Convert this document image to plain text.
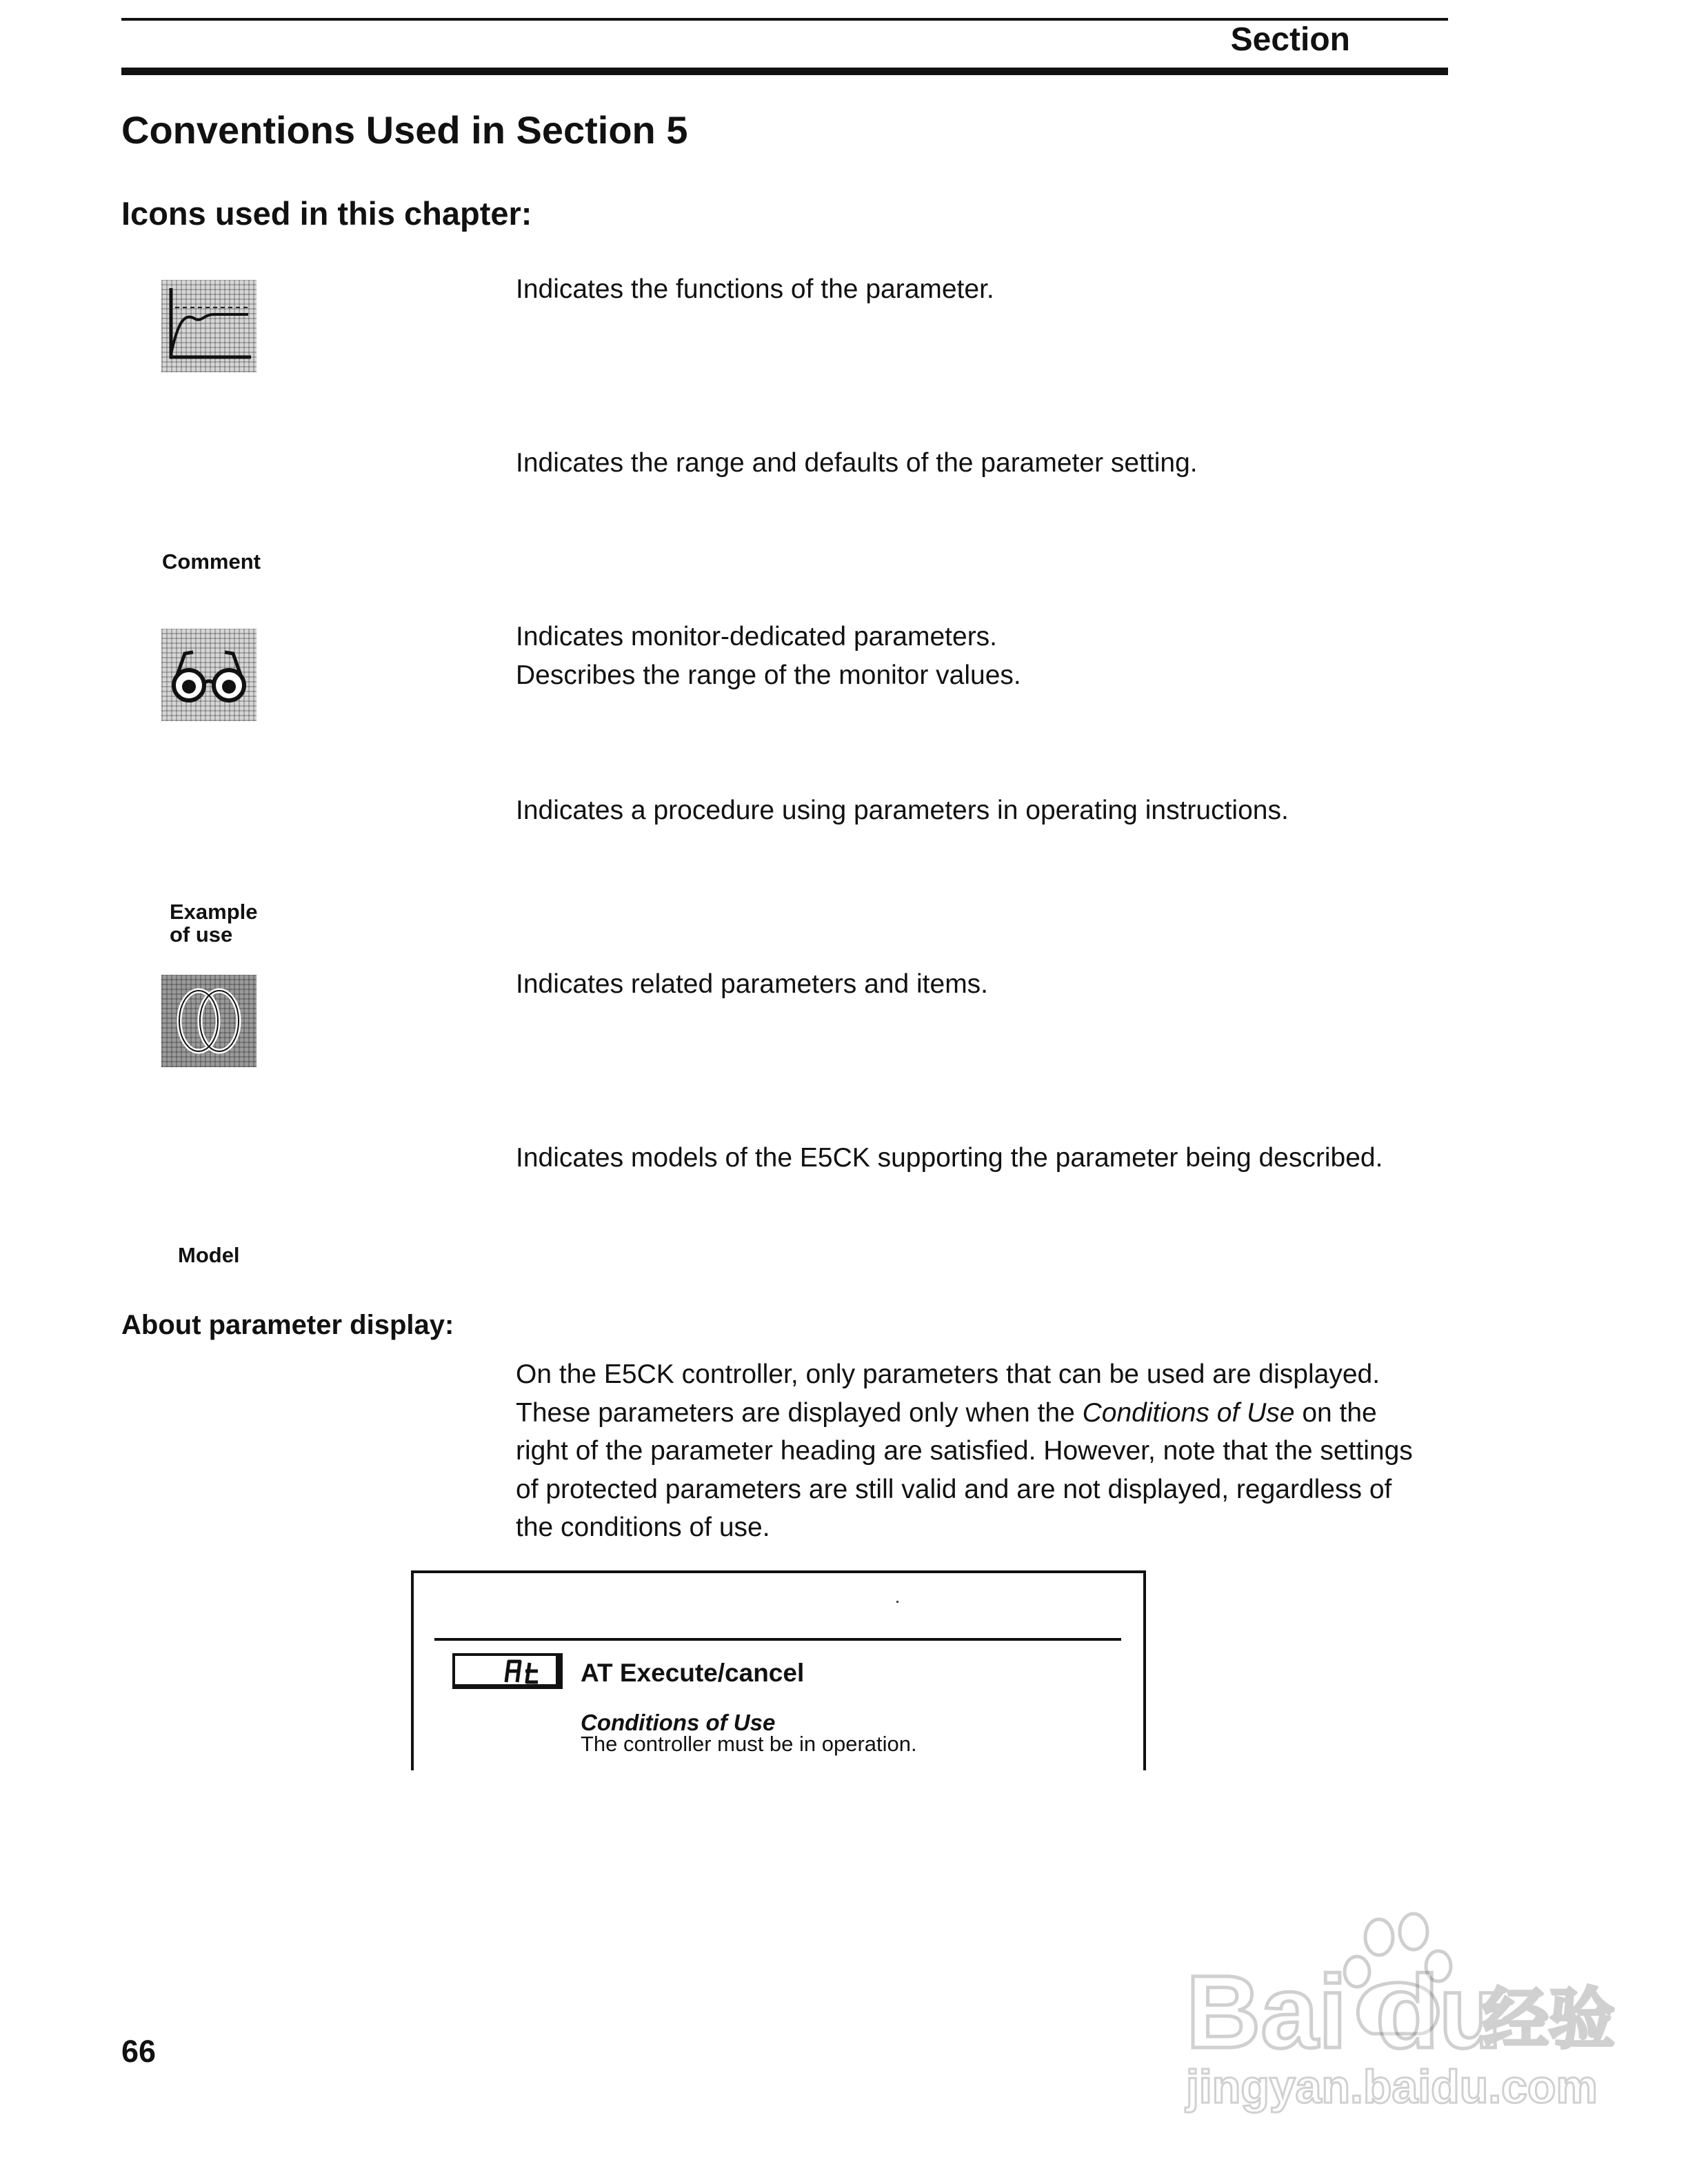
Section
Conventions Used in Section 5
Icons used in this chapter:
Indicates the functions of the parameter.
Indicates the range and defaults of the parameter setting.
Comment
Indicates monitor-dedicated parameters.
Describes the range of the monitor values.
Indicates a procedure using parameters in operating instructions.
Example
of use
Indicates related parameters and items.
Indicates models of the E5CK supporting the parameter being described.
Model
About parameter display:
On the E5CK controller, only parameters that can be used are displayed.
These parameters are displayed only when the Conditions of Use on the
right of the parameter heading are satisfied. However, note that the settings
of protected parameters are still valid and are not displayed, regardless of
the conditions of use.
AT Execute/cancel
Conditions of Use
The controller must be in operation.
66	Bai du
经验
jingyan.baidu.com
